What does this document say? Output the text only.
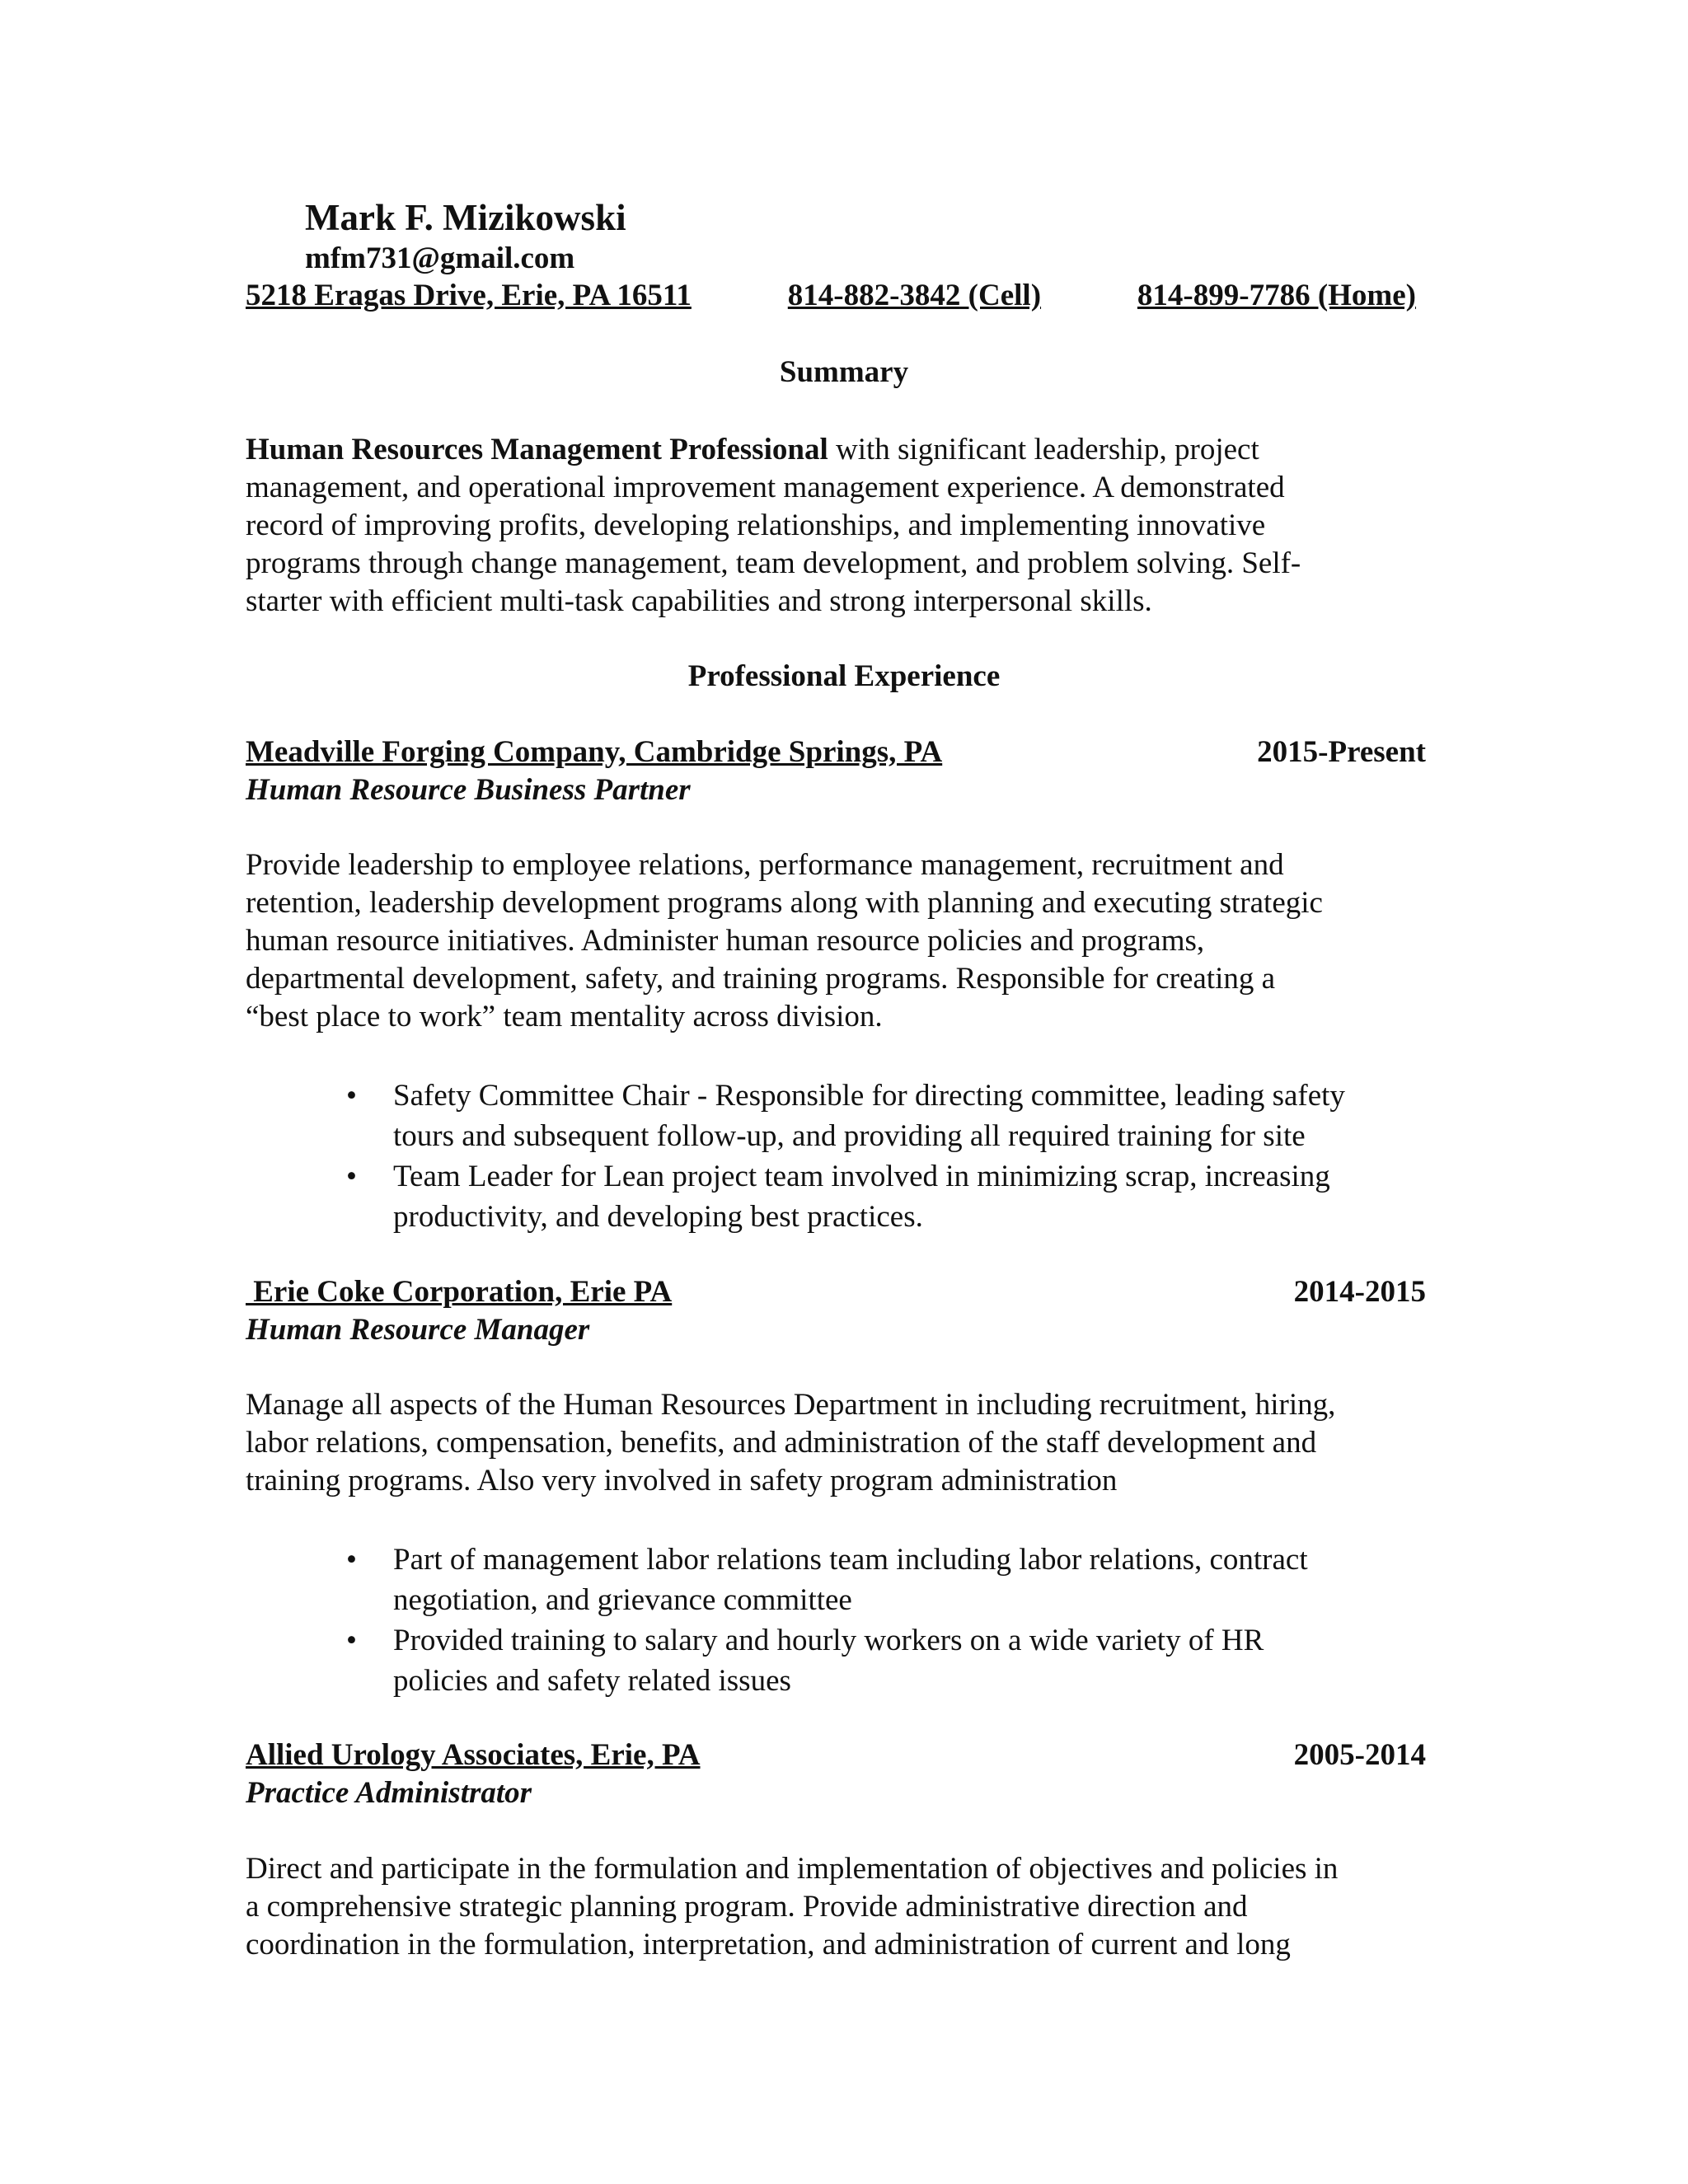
Mark F. Mizikowski
mfm731@gmail.com
5218 Eragas Drive, Erie, PA 16511	814-882-3842 (Cell)	814-899-7786 (Home)
Summary
Human Resources Management Professional with significant leadership, project
management, and operational improvement management experience. A demonstrated
record of improving profits, developing relationships, and implementing innovative
programs through change management, team development, and problem solving. Self-
starter with efficient multi-task capabilities and strong interpersonal skills.
Professional Experience
Meadville Forging Company, Cambridge Springs, PA	2015-Present
Human Resource Business Partner
Provide leadership to employee relations, performance management, recruitment and
retention, leadership development programs along with planning and executing strategic
human resource initiatives. Administer human resource policies and programs,
departmental development, safety, and training programs. Responsible for creating a
“best place to work” team mentality across division.
• Safety Committee Chair - Responsible for directing committee, leading safety
tours and subsequent follow-up, and providing all required training for site
• Team Leader for Lean project team involved in minimizing scrap, increasing
productivity, and developing best practices.
Erie Coke Corporation, Erie PA	2014-2015
Human Resource Manager
Manage all aspects of the Human Resources Department in including recruitment, hiring,
labor relations, compensation, benefits, and administration of the staff development and
training programs. Also very involved in safety program administration
• Part of management labor relations team including labor relations, contract
negotiation, and grievance committee
• Provided training to salary and hourly workers on a wide variety of HR
policies and safety related issues
Allied Urology Associates, Erie, PA	2005-2014
Practice Administrator
Direct and participate in the formulation and implementation of objectives and policies in
a comprehensive strategic planning program. Provide administrative direction and
coordination in the formulation, interpretation, and administration of current and long
